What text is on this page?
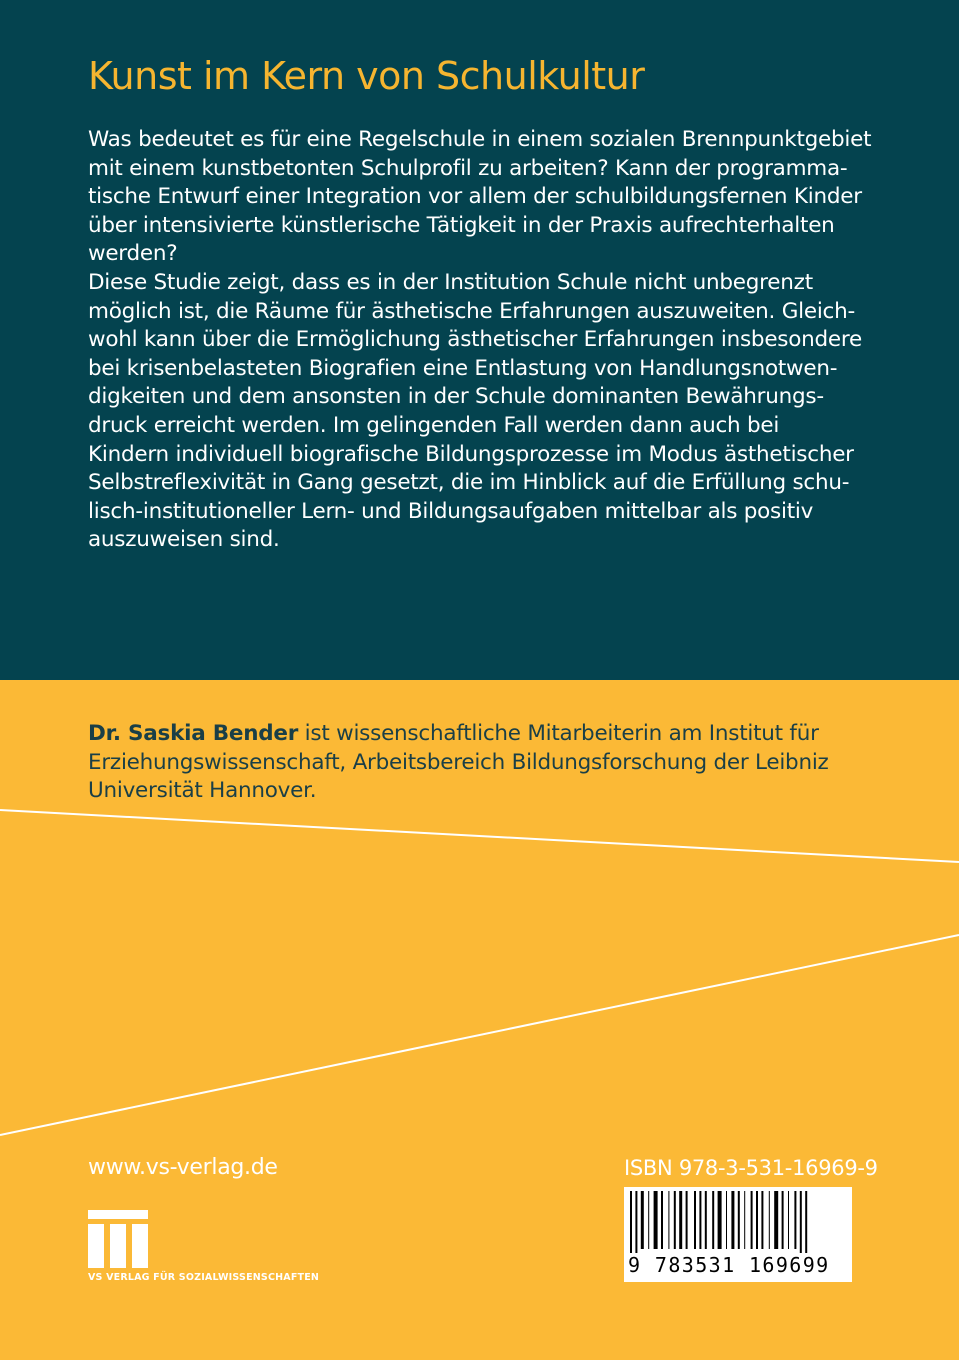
Kunst im Kern von Schulkultur
Was bedeutet es für eine Regelschule in einem sozialen Brennpunktgebiet
mit einem kunstbetonten Schulprofil zu arbeiten? Kann der programma-
tische Entwurf einer Integration vor allem der schulbildungsfernen Kinder
über intensivierte künstlerische Tätigkeit in der Praxis aufrechterhalten
werden?
Diese Studie zeigt, dass es in der Institution Schule nicht unbegrenzt
möglich ist, die Räume für ästhetische Erfahrungen auszuweiten. Gleich-
wohl kann über die Ermöglichung ästhetischer Erfahrungen insbesondere
bei krisenbelasteten Biografien eine Entlastung von Handlungsnotwen-
digkeiten und dem ansonsten in der Schule dominanten Bewährungs-
druck erreicht werden. Im gelingenden Fall werden dann auch bei
Kindern individuell biografische Bildungsprozesse im Modus ästhetischer
Selbstreflexivität in Gang gesetzt, die im Hinblick auf die Erfüllung schu-
lisch-institutioneller Lern- und Bildungsaufgaben mittelbar als positiv
auszuweisen sind.
Dr. Saskia Bender ist wissenschaftliche Mitarbeiterin am Institut für
Erziehungswissenschaft, Arbeitsbereich Bildungsforschung der Leibniz
Universität Hannover.
www.vs-verlag.de	ISBN 978-3-531-16969-9
9 783531 169699
VS VERLAG FÜR SOZIALWISSENSCHAFTEN
